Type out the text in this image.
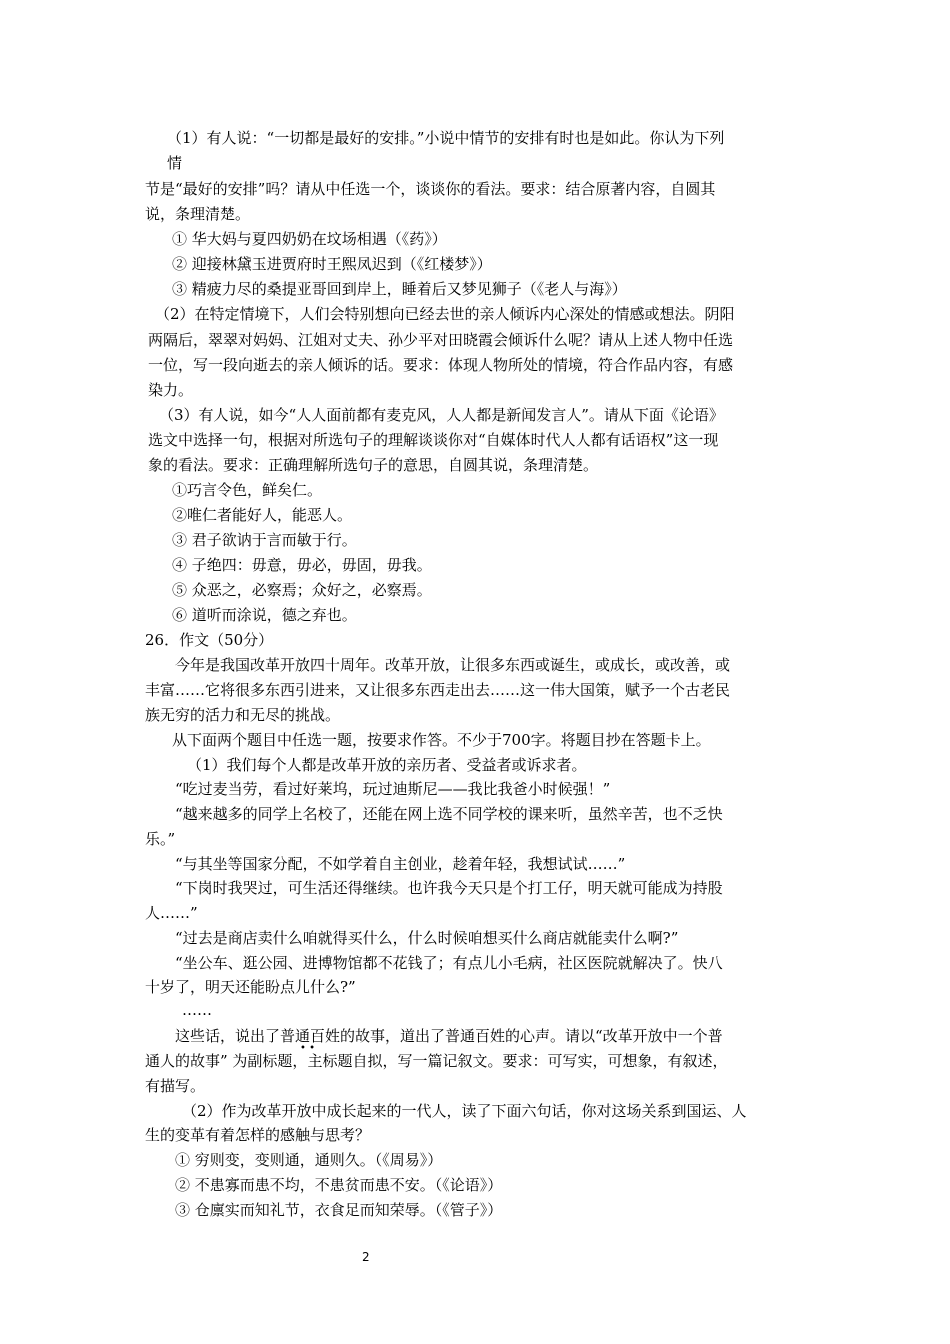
（1）有人说：“一切都是最好的安排。”小说中情节的安排有时也是如此。你认为下列
情
节是“最好的安排”吗？请从中任选一个，谈谈你的看法。要求：结合原著内容，自圆其
说，条理清楚。
① 华大妈与夏四奶奶在坟场相遇（《药》）
② 迎接林黛玉进贾府时王熙凤迟到（《红楼梦》）
③ 精疲力尽的桑提亚哥回到岸上，睡着后又梦见狮子（《老人与海》）
（2）在特定情境下，人们会特别想向已经去世的亲人倾诉内心深处的情感或想法。阴阳
两隔后，翠翠对妈妈、江姐对丈夫、孙少平对田晓霞会倾诉什么呢？请从上述人物中任选
一位，写一段向逝去的亲人倾诉的话。要求：体现人物所处的情境，符合作品内容，有感
染力。
（3）有人说，如今“人人面前都有麦克风，人人都是新闻发言人”。请从下面《论语》
选文中选择一句，根据对所选句子的理解谈谈你对“自媒体时代人人都有话语权”这一现
象的看法。要求：正确理解所选句子的意思，自圆其说，条理清楚。
①巧言令色，鲜矣仁。
②唯仁者能好人，能恶人。
③ 君子欲讷于言而敏于行。
④ 子绝四：毋意，毋必，毋固，毋我。
⑤ 众恶之，必察焉；众好之，必察焉。
⑥ 道听而涂说，德之弃也。
26．作文（50分）
今年是我国改革开放四十周年。改革开放，让很多东西或诞生，或成长，或改善，或
丰富……它将很多东西引进来，又让很多东西走出去……这一伟大国策，赋予一个古老民
族无穷的活力和无尽的挑战。
从下面两个题目中任选一题，按要求作答。不少于700字。将题目抄在答题卡上。
（1）我们每个人都是改革开放的亲历者、受益者或诉求者。
“吃过麦当劳，看过好莱坞，玩过迪斯尼——我比我爸小时候强！”
“越来越多的同学上名校了，还能在网上选不同学校的课来听，虽然辛苦，也不乏快
乐。”
“与其坐等国家分配，不如学着自主创业，趁着年轻，我想试试……”
“下岗时我哭过，可生活还得继续。也许我今天只是个打工仔，明天就可能成为持股
人……”
“过去是商店卖什么咱就得买什么，什么时候咱想买什么商店就能卖什么啊?”
“坐公车、逛公园、进博物馆都不花钱了；有点儿小毛病，社区医院就解决了。快八
十岁了，明天还能盼点儿什么?”
……
这些话，说出了普通百姓的故事，道出了普通百姓的心声。请以“改革开放中一个普
• •
通人的故事” 为副标题，主标题自拟，写一篇记叙文。要求：可写实，可想象，有叙述，
有描写。
（2）作为改革开放中成长起来的一代人，读了下面六句话，你对这场关系到国运、人
生的变革有着怎样的感触与思考？
① 穷则变，变则通，通则久。（《周易》）
② 不患寡而患不均，不患贫而患不安。（《论语》）
③ 仓廪实而知礼节，衣食足而知荣辱。（《管子》）
2
